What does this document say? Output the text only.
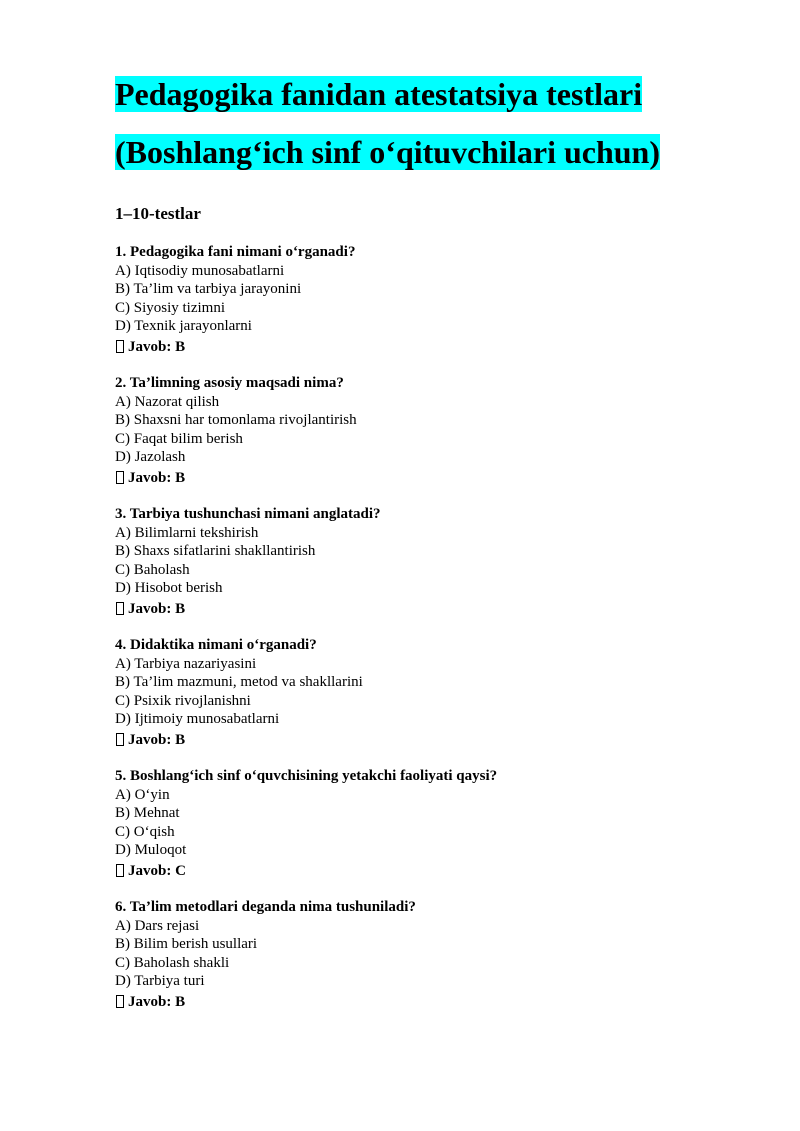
Pedagogika fanidan atestatsiya testlari
(Boshlang‘ich sinf o‘qituvchilari uchun)
1–10-testlar
1. Pedagogika fani nimani o‘rganadi?
A) Iqtisodiy munosabatlarni
B) Ta’lim va tarbiya jarayonini
C) Siyosiy tizimni
D) Texnik jarayonlarni
Javob: B
2. Ta’limning asosiy maqsadi nima?
A) Nazorat qilish
B) Shaxsni har tomonlama rivojlantirish
C) Faqat bilim berish
D) Jazolash
Javob: B
3. Tarbiya tushunchasi nimani anglatadi?
A) Bilimlarni tekshirish
B) Shaxs sifatlarini shakllantirish
C) Baholash
D) Hisobot berish
Javob: B
4. Didaktika nimani o‘rganadi?
A) Tarbiya nazariyasini
B) Ta’lim mazmuni, metod va shakllarini
C) Psixik rivojlanishni
D) Ijtimoiy munosabatlarni
Javob: B
5. Boshlang‘ich sinf o‘quvchisining yetakchi faoliyati qaysi?
A) O‘yin
B) Mehnat
C) O‘qish
D) Muloqot
Javob: C
6. Ta’lim metodlari deganda nima tushuniladi?
A) Dars rejasi
B) Bilim berish usullari
C) Baholash shakli
D) Tarbiya turi
Javob: B
